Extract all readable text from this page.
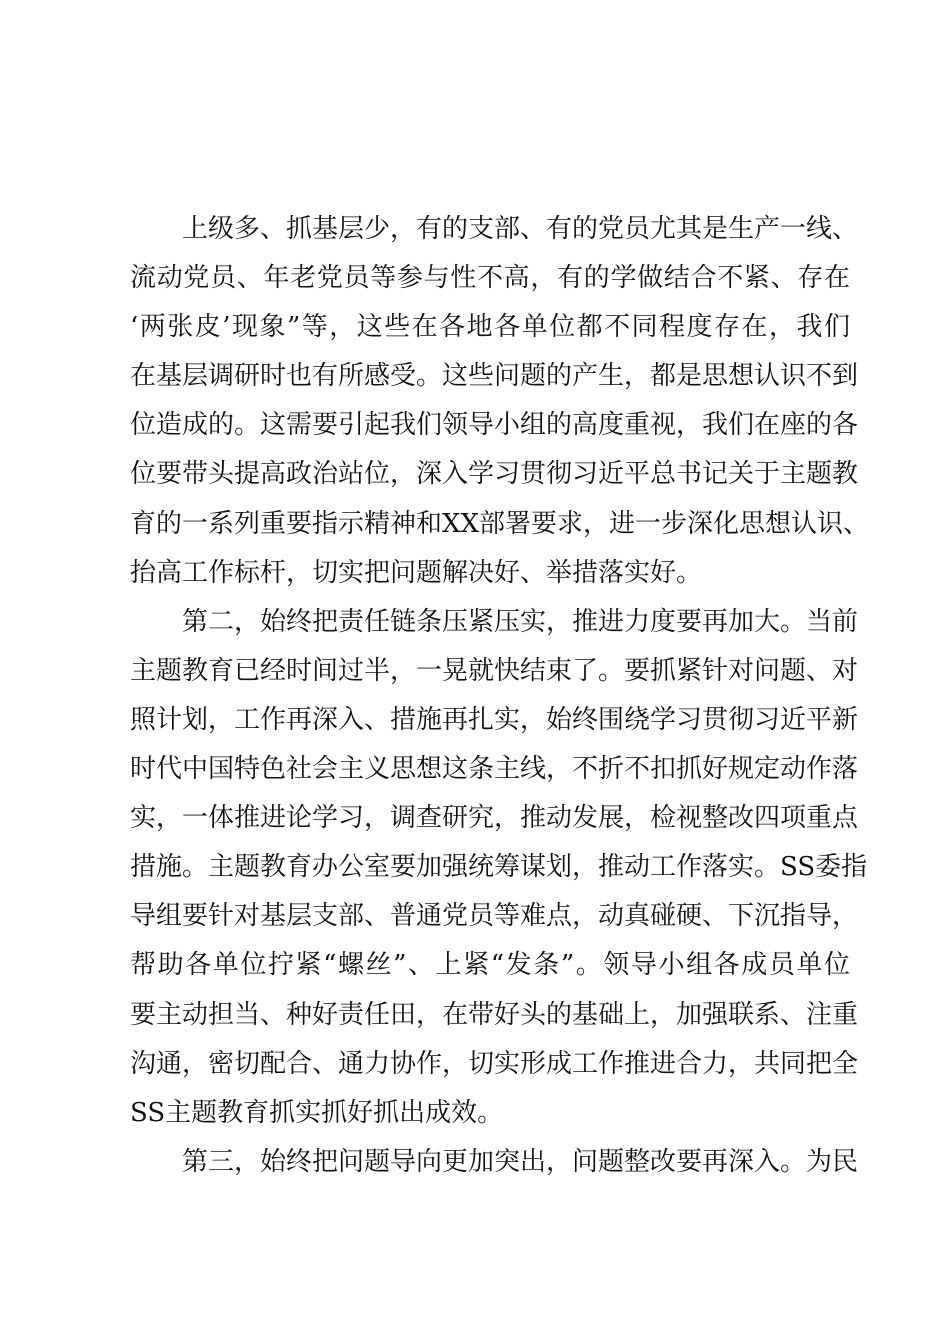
上级多、抓基层少，有的支部、有的党员尤其是生产一线、
流动党员、年老党员等参与性不高，有的学做结合不紧、存在
‘两张皮’现象”等，这些在各地各单位都不同程度存在，我们
在基层调研时也有所感受。这些问题的产生，都是思想认识不到
位造成的。这需要引起我们领导小组的高度重视，我们在座的各
位要带头提高政治站位，深入学习贯彻习近平总书记关于主题教
育的一系列重要指示精神和XX部署要求，进一步深化思想认识、
抬高工作标杆，切实把问题解决好、举措落实好。
第二，始终把责任链条压紧压实，推进力度要再加大。当前
主题教育已经时间过半，一晃就快结束了。要抓紧针对问题、对
照计划，工作再深入、措施再扎实，始终围绕学习贯彻习近平新
时代中国特色社会主义思想这条主线，不折不扣抓好规定动作落
实，一体推进论学习，调查研究，推动发展，检视整改四项重点
措施。主题教育办公室要加强统筹谋划，推动工作落实。SS委指
导组要针对基层支部、普通党员等难点，动真碰硬、下沉指导，
帮助各单位拧紧“螺丝”、上紧“发条”。领导小组各成员单位
要主动担当、种好责任田，在带好头的基础上，加强联系、注重
沟通，密切配合、通力协作，切实形成工作推进合力，共同把全
SS主题教育抓实抓好抓出成效。
第三，始终把问题导向更加突出，问题整改要再深入。为民
